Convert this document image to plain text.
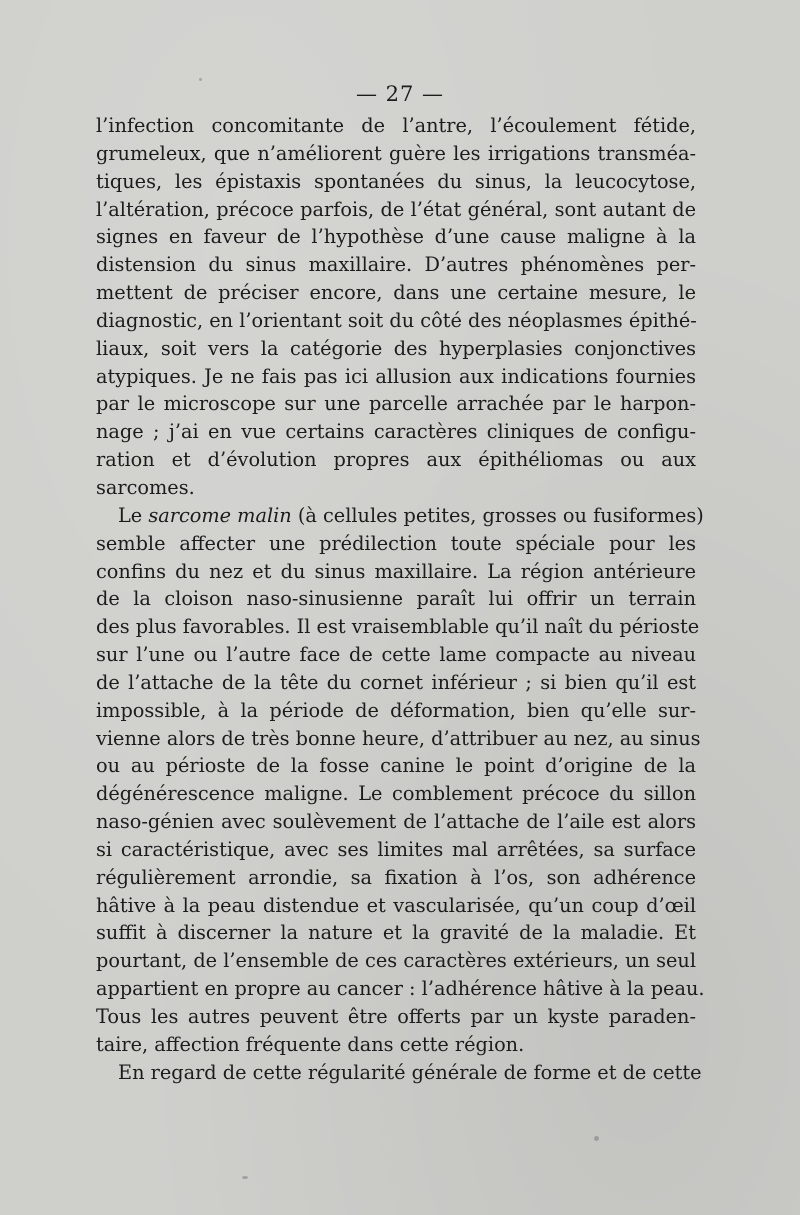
— 27 —
l’infection concomitante de l’antre, l’écoulement fétide,
grumeleux, que n’améliorent guère les irrigations transméa-
tiques, les épistaxis spontanées du sinus, la leucocytose,
l’altération, précoce parfois, de l’état général, sont autant de
signes en faveur de l’hypothèse d’une cause maligne à la
distension du sinus maxillaire. D’autres phénomènes per-
mettent de préciser encore, dans une certaine mesure, le
diagnostic, en l’orientant soit du côté des néoplasmes épithé-
liaux, soit vers la catégorie des hyperplasies conjonctives
atypiques. Je ne fais pas ici allusion aux indications fournies
par le microscope sur une parcelle arrachée par le harpon-
nage ; j’ai en vue certains caractères cliniques de configu-
ration et d’évolution propres aux épithéliomas ou aux
sarcomes.
Le sarcome malin (à cellules petites, grosses ou fusiformes)
semble affecter une prédilection toute spéciale pour les
confins du nez et du sinus maxillaire. La région antérieure
de la cloison naso-sinusienne paraît lui offrir un terrain
des plus favorables. Il est vraisemblable qu’il naît du périoste
sur l’une ou l’autre face de cette lame compacte au niveau
de l’attache de la tête du cornet inférieur ; si bien qu’il est
impossible, à la période de déformation, bien qu’elle sur-
vienne alors de très bonne heure, d’attribuer au nez, au sinus
ou au périoste de la fosse canine le point d’origine de la
dégénérescence maligne. Le comblement précoce du sillon
naso-génien avec soulèvement de l’attache de l’aile est alors
si caractéristique, avec ses limites mal arrêtées, sa surface
régulièrement arrondie, sa fixation à l’os, son adhérence
hâtive à la peau distendue et vascularisée, qu’un coup d’œil
suffit à discerner la nature et la gravité de la maladie. Et
pourtant, de l’ensemble de ces caractères extérieurs, un seul
appartient en propre au cancer : l’adhérence hâtive à la peau.
Tous les autres peuvent être offerts par un kyste paraden-
taire, affection fréquente dans cette région.
En regard de cette régularité générale de forme et de cette
